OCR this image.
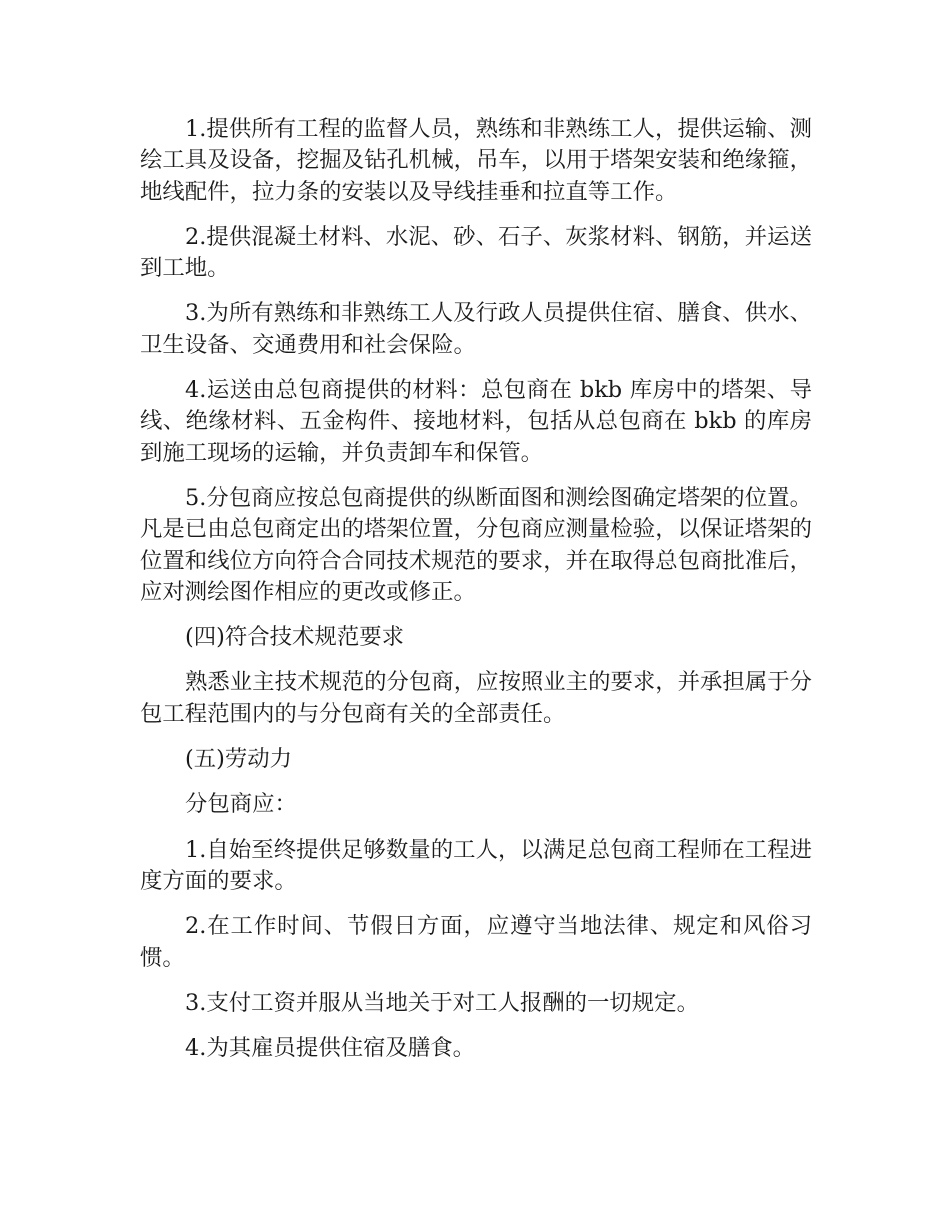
1.提供所有工程的监督人员，熟练和非熟练工人，提供运输、测绘工具及设备，挖掘及钻孔机械，吊车，以用于塔架安装和绝缘箍，地线配件，拉力条的安装以及导线挂垂和拉直等工作。

2.提供混凝土材料、水泥、砂、石子、灰浆材料、钢筋，并运送到工地。

3.为所有熟练和非熟练工人及行政人员提供住宿、膳食、供水、卫生设备、交通费用和社会保险。

4.运送由总包商提供的材料：总包商在 bkb 库房中的塔架、导线、绝缘材料、五金构件、接地材料，包括从总包商在 bkb 的库房到施工现场的运输，并负责卸车和保管。

5.分包商应按总包商提供的纵断面图和测绘图确定塔架的位置。凡是已由总包商定出的塔架位置，分包商应测量检验，以保证塔架的位置和线位方向符合合同技术规范的要求，并在取得总包商批准后，应对测绘图作相应的更改或修正。

(四)符合技术规范要求

熟悉业主技术规范的分包商，应按照业主的要求，并承担属于分包工程范围内的与分包商有关的全部责任。

(五)劳动力

分包商应：

1.自始至终提供足够数量的工人，以满足总包商工程师在工程进度方面的要求。

2.在工作时间、节假日方面，应遵守当地法律、规定和风俗习惯。

3.支付工资并服从当地关于对工人报酬的一切规定。

4.为其雇员提供住宿及膳食。
